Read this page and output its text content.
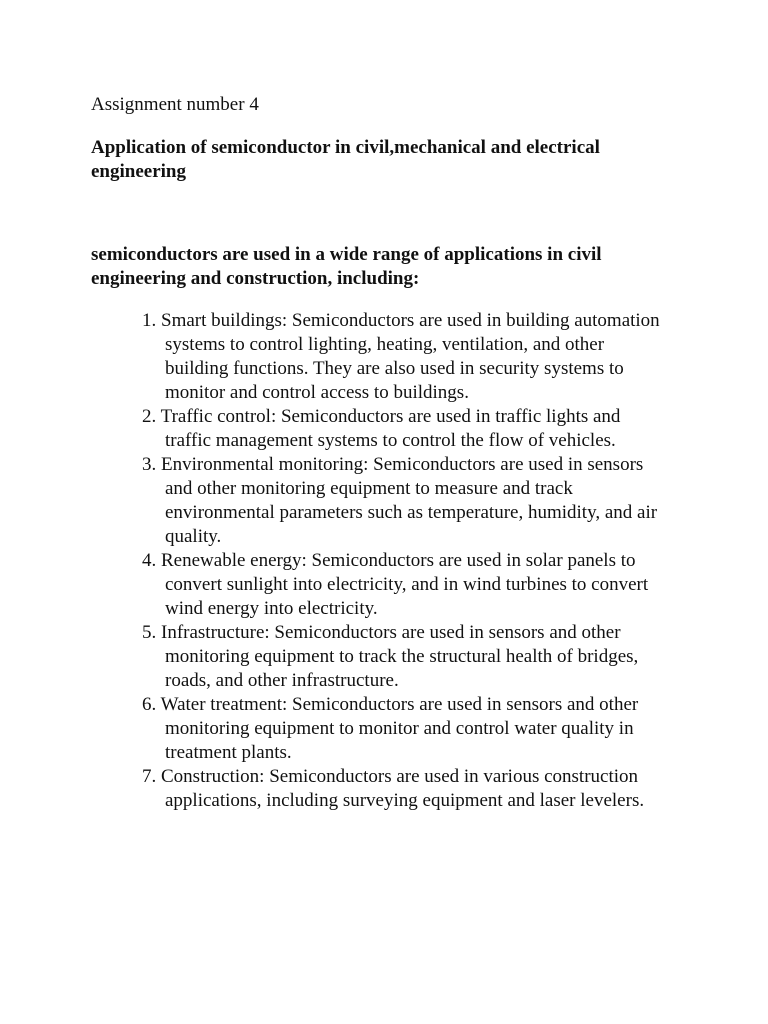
Assignment number 4

Application of semiconductor in civil,mechanical and electrical engineering

semiconductors are used in a wide range of applications in civil engineering and construction, including:

1. Smart buildings: Semiconductors are used in building automation systems to control lighting, heating, ventilation, and other building functions. They are also used in security systems to monitor and control access to buildings.
2. Traffic control: Semiconductors are used in traffic lights and traffic management systems to control the flow of vehicles.
3. Environmental monitoring: Semiconductors are used in sensors and other monitoring equipment to measure and track environmental parameters such as temperature, humidity, and air quality.
4. Renewable energy: Semiconductors are used in solar panels to convert sunlight into electricity, and in wind turbines to convert wind energy into electricity.
5. Infrastructure: Semiconductors are used in sensors and other monitoring equipment to track the structural health of bridges, roads, and other infrastructure.
6. Water treatment: Semiconductors are used in sensors and other monitoring equipment to monitor and control water quality in treatment plants.
7. Construction: Semiconductors are used in various construction applications, including surveying equipment and laser levelers.
